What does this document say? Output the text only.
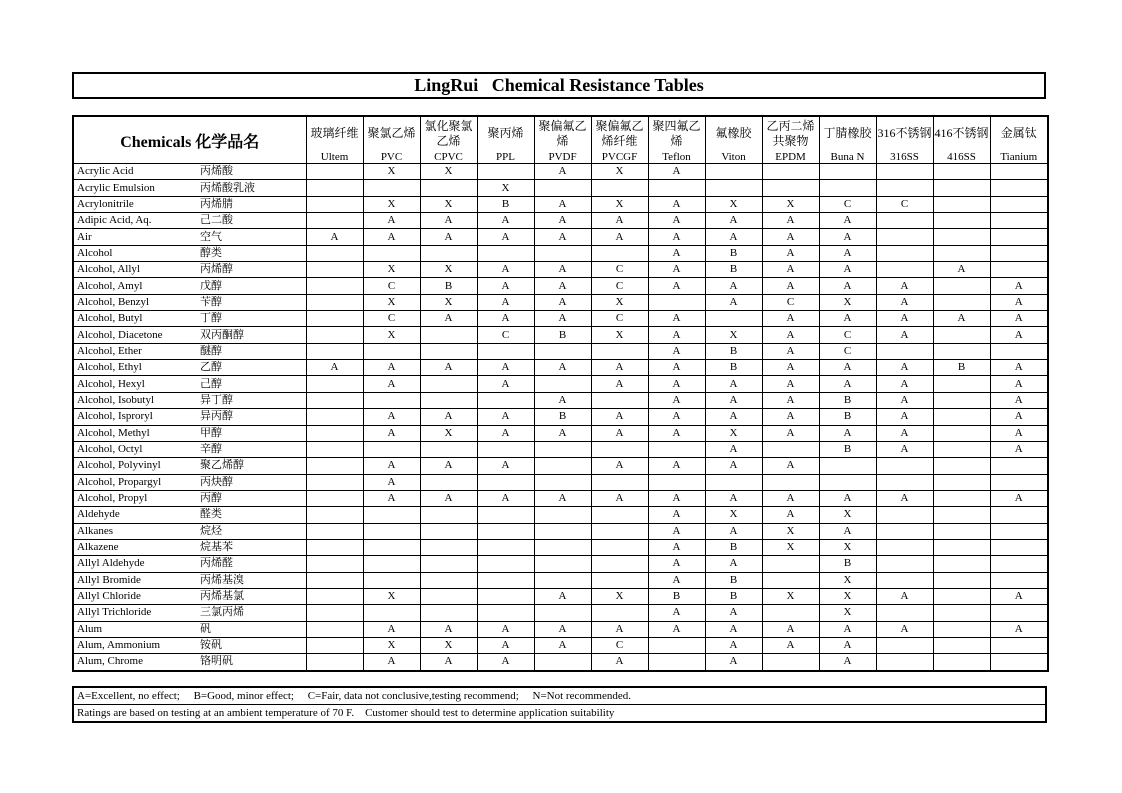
LingRui   Chemical Resistance Tables
Chemicals 化学品名		玻璃纤维	聚氯乙烯	氯化聚氯乙烯	聚丙烯	聚偏氟乙烯	聚偏氟乙烯纤维	聚四氟乙烯	氟橡胶	乙丙二烯共聚物	丁腈橡胶	316不锈钢	416不锈钢	金属钛
		Ultem	PVC	CPVC	PPL	PVDF	PVCGF	Teflon	Viton	EPDM	Buna N	316SS	416SS	Tianium
Acrylic Acid	丙烯酸		X	X		A	X	A						
Acrylic Emulsion	丙烯酸乳液				X									
Acrylonitrile	丙烯腈		X	X	B	A	X	A	X	X	C	C		
Adipic Acid, Aq.	己二酸		A	A	A	A	A	A	A	A	A			
Air	空气	A	A	A	A	A	A	A	A	A	A			
Alcohol	醇类							A	B	A	A			
Alcohol, Allyl	丙烯醇		X	X	A	A	C	A	B	A	A		A	
Alcohol, Amyl	戊醇		C	B	A	A	C	A	A	A	A	A		A
Alcohol, Benzyl	苄醇		X	X	A	A	X		A	C	X	A		A
Alcohol, Butyl	丁醇		C	A	A	A	C	A		A	A	A	A	A
Alcohol, Diacetone	双丙酮醇		X		C	B	X	A	X	A	C	A		A
Alcohol, Ether	醚醇							A	B	A	C			
Alcohol, Ethyl	乙醇	A	A	A	A	A	A	A	B	A	A	A	B	A
Alcohol, Hexyl	己醇		A		A		A	A	A	A	A	A		A
Alcohol, Isobutyl	异丁醇					A		A	A	A	B	A		A
Alcohol, Isproryl	异丙醇		A	A	A	B	A	A	A	A	B	A		A
Alcohol, Methyl	甲醇		A	X	A	A	A	A	X	A	A	A		A
Alcohol, Octyl	辛醇								A		B	A		A
Alcohol, Polyvinyl	聚乙烯醇		A	A	A		A	A	A	A				
Alcohol, Propargyl	丙炔醇		A											
Alcohol, Propyl	丙醇		A	A	A	A	A	A	A	A	A	A		A
Aldehyde	醛类							A	X	A	X			
Alkanes	烷烃							A	A	X	A			
Alkazene	烷基苯							A	B	X	X			
Allyl Aldehyde	丙烯醛							A	A		B			
Allyl Bromide	丙烯基溴							A	B		X			
Allyl Chloride	丙烯基氯		X			A	X	B	B	X	X	A		A
Allyl Trichloride	三氯丙烯							A	A		X			
Alum	矾		A	A	A	A	A	A	A	A	A	A		A
Alum, Ammonium	铵矾		X	X	A	A	C		A	A	A			
Alum, Chrome	铬明矾		A	A	A		A		A		A			
A=Excellent, no effect;     B=Good, minor effect;     C=Fair, data not conclusive,testing recommend;     N=Not recommended.
Ratings are based on testing at an ambient temperature of 70 F.    Customer should test to determine application suitability
